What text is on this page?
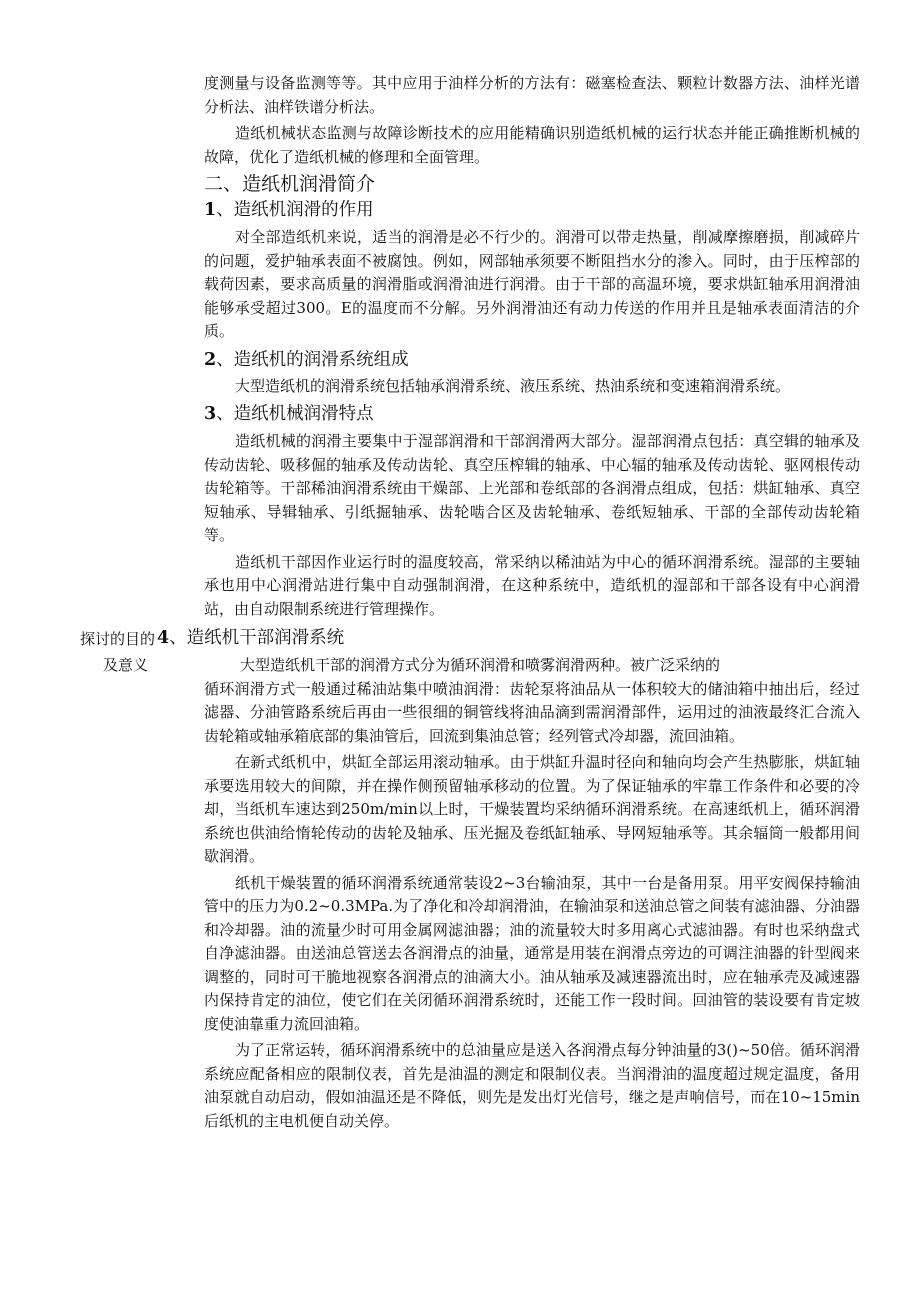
度测量与设备监测等等。其中应用于油样分析的方法有：磁塞检查法、颗粒计数器方法、油样光谱分析法、油样铁谱分析法。

造纸机械状态监测与故障诊断技术的应用能精确识别造纸机械的运行状态并能正确推断机械的故障，优化了造纸机械的修理和全面管理。

二、造纸机润滑简介
1、造纸机润滑的作用

对全部造纸机来说，适当的润滑是必不行少的。润滑可以带走热量，削减摩擦磨损，削减碎片的问题，爱护轴承表面不被腐蚀。例如，网部轴承须要不断阻挡水分的渗入。同时，由于压榨部的载荷因素，要求高质量的润滑脂或润滑油进行润滑。由于干部的高温环境，要求烘缸轴承用润滑油能够承受超过300。E的温度而不分解。另外润滑油还有动力传送的作用并且是轴承表面清洁的介质。

2、造纸机的润滑系统组成

大型造纸机的润滑系统包括轴承润滑系统、液压系统、热油系统和变速箱润滑系统。

3、造纸机械润滑特点

造纸机械的润滑主要集中于湿部润滑和干部润滑两大部分。湿部润滑点包括：真空辑的轴承及传动齿轮、吸移倔的轴承及传动齿轮、真空压榨辑的轴承、中心辐的轴承及传动齿轮、驱网根传动齿轮箱等。干部稀油润滑系统由干燥部、上光部和卷纸部的各润滑点组成，包括：烘缸轴承、真空短轴承、导辑轴承、引纸掘轴承、齿轮啮合区及齿轮轴承、卷纸短轴承、干部的全部传动齿轮箱等。

造纸机干部因作业运行时的温度较高，常采纳以稀油站为中心的循环润滑系统。湿部的主要轴承也用中心润滑站进行集中自动强制润滑，在这种系统中，造纸机的湿部和干部各设有中心润滑站，由自动限制系统进行管理操作。

探讨的目的
及意义
4、造纸机干部润滑系统

大型造纸机干部的润滑方式分为循环润滑和喷雾润滑两种。被广泛采纳的

循环润滑方式一般通过稀油站集中喷油润滑：齿轮泵将油品从一体积较大的储油箱中抽出后，经过滤器、分油管路系统后再由一些很细的铜管线将油品滴到需润滑部件，运用过的油液最终汇合流入齿轮箱或轴承箱底部的集油管后，回流到集油总管；经列管式冷却器，流回油箱。

在新式纸机中，烘缸全部运用滚动轴承。由于烘缸升温时径向和轴向均会产生热膨胀，烘缸轴承要选用较大的间隙，并在操作侧预留轴承移动的位置。为了保证轴承的牢靠工作条件和必要的冷却，当纸机车速达到250m/min以上时，干燥装置均采纳循环润滑系统。在高速纸机上，循环润滑系统也供油给惰轮传动的齿轮及轴承、压光掘及卷纸缸轴承、导网短轴承等。其余辐筒一般都用间歇润滑。

纸机干燥装置的循环润滑系统通常装设2~3台输油泵，其中一台是备用泵。用平安阀保持输油管中的压力为0.2~0.3MPa.为了净化和冷却润滑油，在输油泵和送油总管之间装有滤油器、分油器和冷却器。油的流量少时可用金属网滤油器；油的流量较大时多用离心式滤油器。有时也采纳盘式自净滤油器。由送油总管送去各润滑点的油量，通常是用装在润滑点旁边的可调注油器的针型阀来调整的，同时可干脆地视察各润滑点的油滴大小。油从轴承及减速器流出时，应在轴承壳及减速器内保持肯定的油位，使它们在关闭循环润滑系统时，还能工作一段时间。回油管的装设要有肯定坡度使油靠重力流回油箱。

为了正常运转，循环润滑系统中的总油量应是送入各润滑点每分钟油量的3()~50倍。循环润滑系统应配备相应的限制仪表，首先是油温的测定和限制仪表。当润滑油的温度超过规定温度，备用油泵就自动启动，假如油温还是不降低，则先是发出灯光信号，继之是声响信号，而在10~15min后纸机的主电机便自动关停。
